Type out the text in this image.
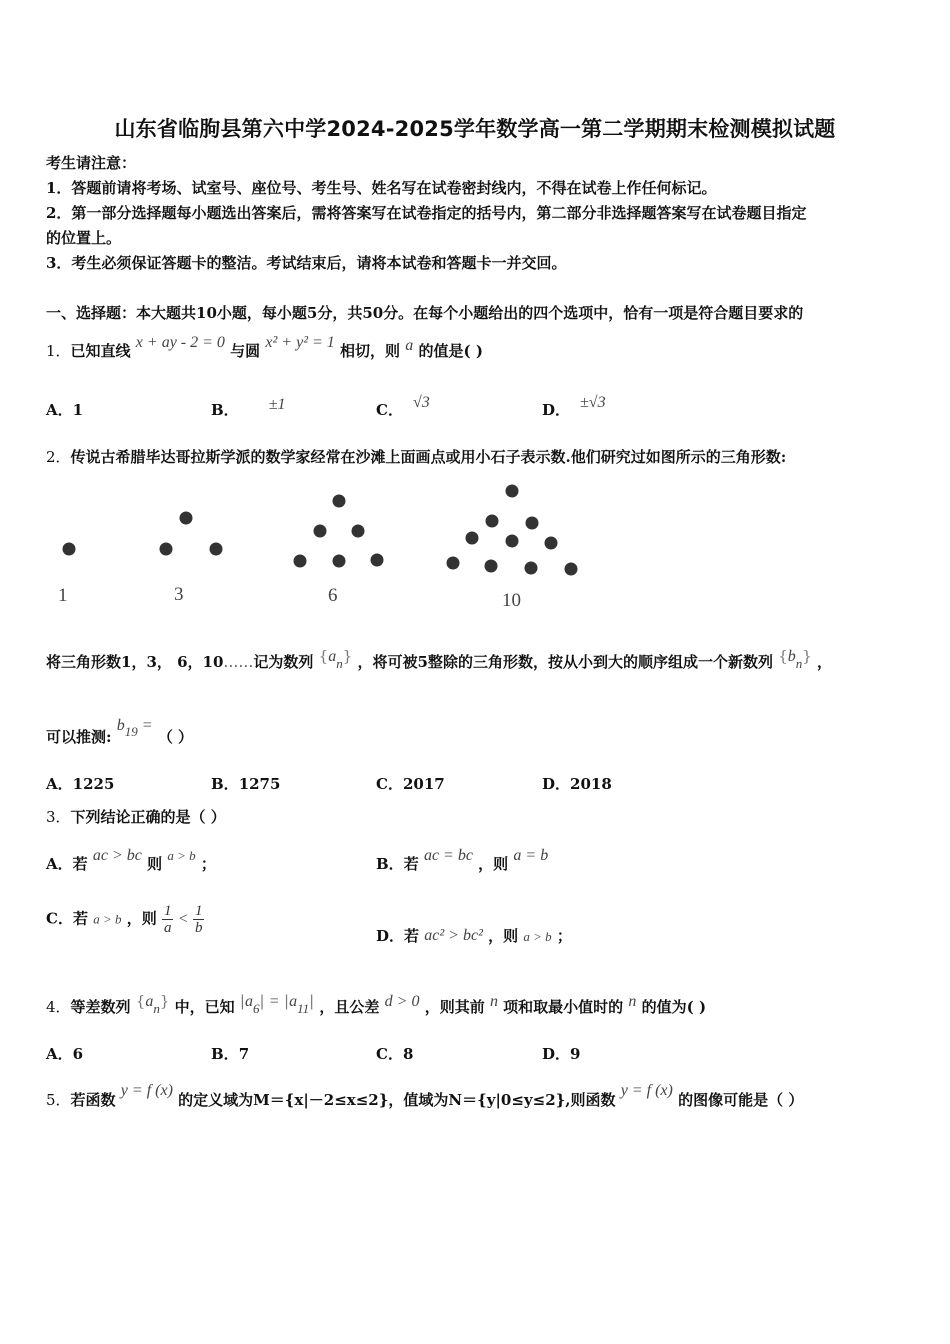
山东省临朐县第六中学2024-2025学年数学高一第二学期期末检测模拟试题
考生请注意：
1．答题前请将考场、试室号、座位号、考生号、姓名写在试卷密封线内，不得在试卷上作任何标记。
2．第一部分选择题每小题选出答案后，需将答案写在试卷指定的括号内，第二部分非选择题答案写在试卷题目指定
的位置上。
3．考生必须保证答题卡的整洁。考试结束后，请将本试卷和答题卡一并交回。
一、选择题：本大题共10小题，每小题5分，共50分。在每个小题给出的四个选项中，恰有一项是符合题目要求的
1．已知直线 x + ay - 2 = 0 与圆 x² + y² = 1 相切，则 a 的值是( )
A．1	B． ±1	C． √3	D． ±√3
2．传说古希腊毕达哥拉斯学派的数学家经常在沙滩上面画点或用小石子表示数.他们研究过如图所示的三角形数:
1	3	6	10
将三角形数1，3， 6，10……记为数列 $\{a_n\}$ ，将可被5整除的三角形数，按从小到大的顺序组成一个新数列 $\{b_n\}$ ，
可以推测: $b_{19}$ = （ ）
A．1225	B．1275	C．2017	D．2018
3．下列结论正确的是（ ）
A．若 ac > bc 则 a > b ；	B．若 ac = bc ，则 a = b
C．若 a > b ，则 $\frac{1}{a} < \frac{1}{b}$	D．若 ac² > bc² ，则 a > b ；
4．等差数列 $\{a_n\}$ 中，已知 $|a_6| = |a_{11}|$ ，且公差 d > 0 ，则其前 n 项和取最小值时的 n 的值为( )
A．6	B．7	C．8	D．9
5．若函数 y = f (x) 的定义域为M＝{x|－2≤x≤2}，值域为N＝{y|0≤y≤2},则函数 y = f (x) 的图像可能是（ ）
